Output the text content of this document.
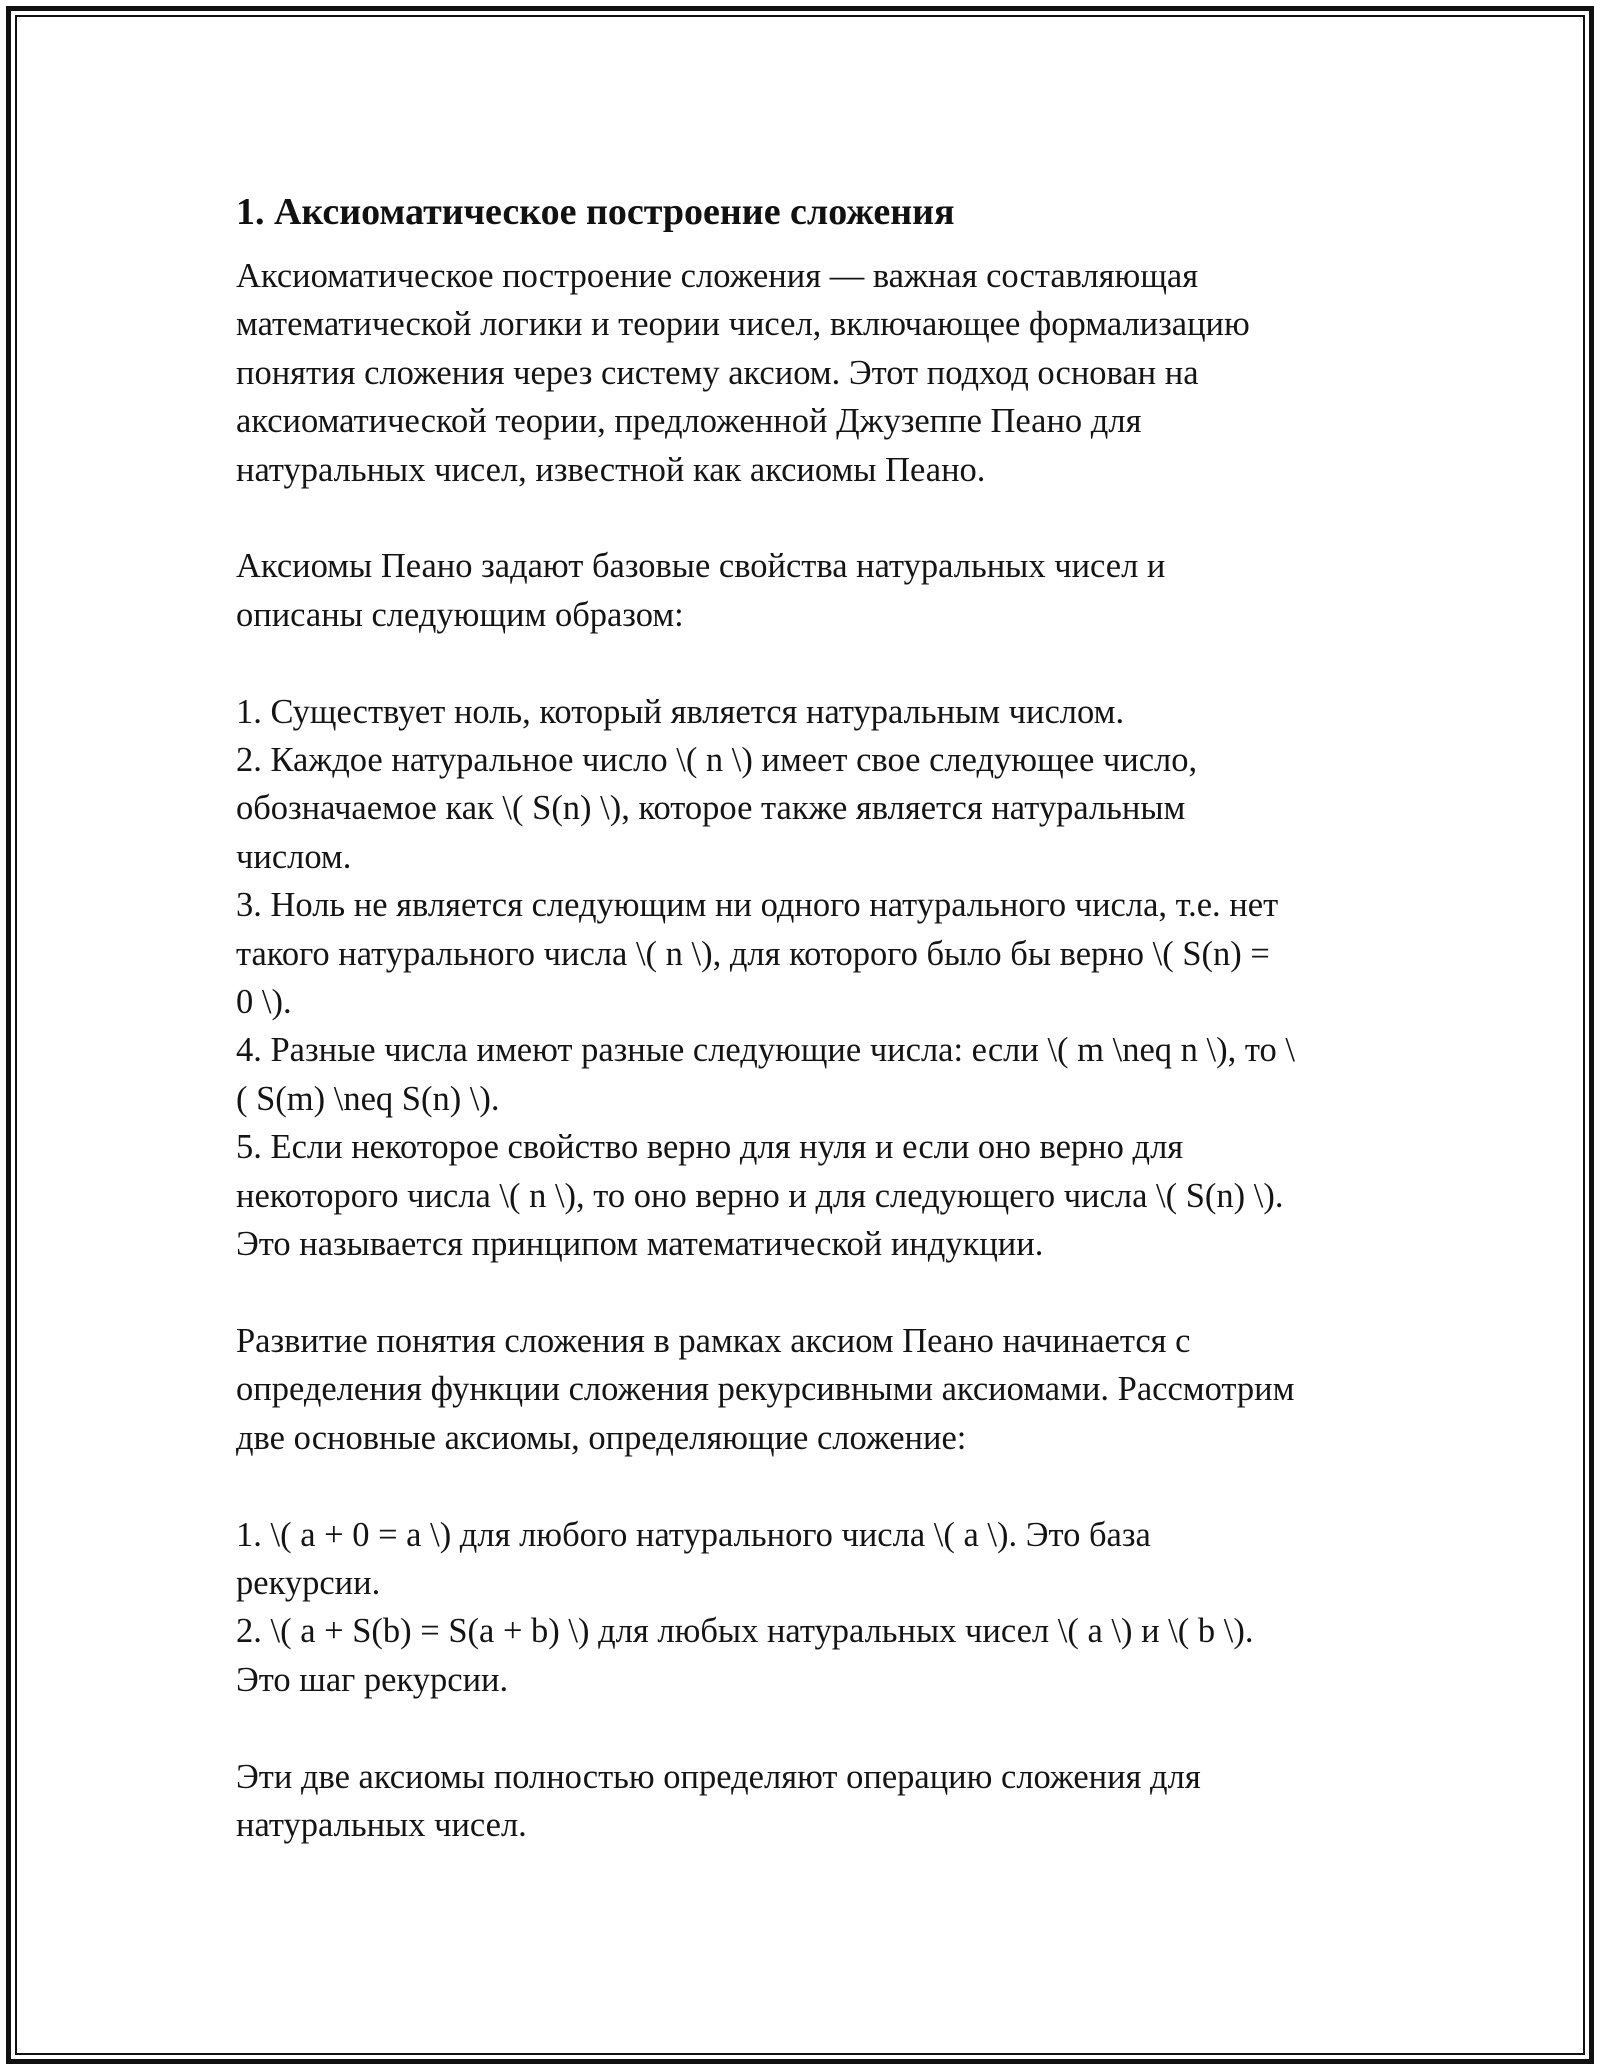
1. Аксиоматическое построение сложения
Аксиоматическое построение сложения — важная составляющая
математической логики и теории чисел, включающее формализацию
понятия сложения через систему аксиом. Этот подход основан на
аксиоматической теории, предложенной Джузеппе Пеано для
натуральных чисел, известной как аксиомы Пеано.
Аксиомы Пеано задают базовые свойства натуральных чисел и
описаны следующим образом:
1. Существует ноль, который является натуральным числом.
2. Каждое натуральное число \( n \) имеет свое следующее число,
обозначаемое как \( S(n) \), которое также является натуральным
числом.
3. Ноль не является следующим ни одного натурального числа, т.е. нет
такого натурального числа \( n \), для которого было бы верно \( S(n) =
0 \).
4. Разные числа имеют разные следующие числа: если \( m \neq n \), то \
( S(m) \neq S(n) \).
5. Если некоторое свойство верно для нуля и если оно верно для
некоторого числа \( n \), то оно верно и для следующего числа \( S(n) \).
Это называется принципом математической индукции.
Развитие понятия сложения в рамках аксиом Пеано начинается с
определения функции сложения рекурсивными аксиомами. Рассмотрим
две основные аксиомы, определяющие сложение:
1. \( a + 0 = a \) для любого натурального числа \( a \). Это база
рекурсии.
2. \( a + S(b) = S(a + b) \) для любых натуральных чисел \( a \) и \( b \).
Это шаг рекурсии.
Эти две аксиомы полностью определяют операцию сложения для
натуральных чисел.
